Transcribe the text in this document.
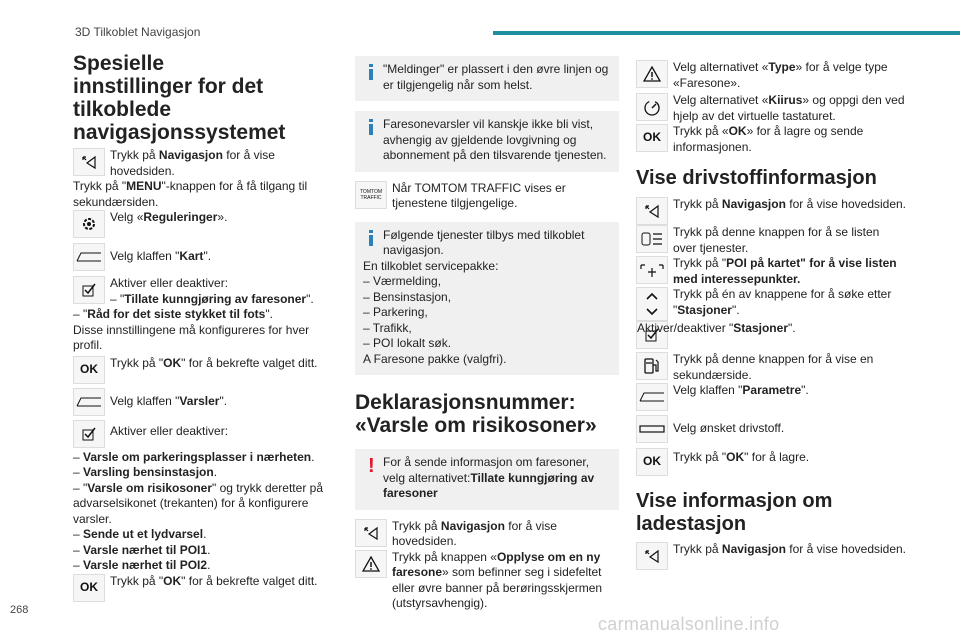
3D Tilkoblet Navigasjon
268
carmanualsonline.info
Spesielle innstillinger for det tilkoblede navigasjonssystemet
Trykk på Navigasjon for å vise hovedsiden.

Trykk på "MENU"-knappen for å få tilgang til sekundærsiden.

Velg «Reguleringer».
Velg klaffen "Kart".
Aktiver eller deaktiver:
– "Tillate kunngjøring av faresoner".

– "Råd for det siste stykket til fots".

Disse innstillingene må konfigureres for hver profil.

OK	Trykk på "OK" for å bekrefte valget ditt.
Velg klaffen "Varsler".
Aktiver eller deaktiver:

– Varsle om parkeringsplasser i nærheten.

– Varsling bensinstasjon.

– "Varsle om risikosoner" og trykk deretter på advarselsikonet (trekanten) for å konfigurere varsler.

– Sende ut et lydvarsel.

– Varsle nærhet til POI1.

– Varsle nærhet til POI2.

OK	Trykk på "OK" for å bekrefte valget ditt.
"Meldinger" er plassert i den øvre linjen og er tilgjengelig når som helst.
Faresonevarsler vil kanskje ikke bli vist, avhengig av gjeldende lovgivning og abonnement på den tilsvarende tjenesten.
TOMTOM TRAFFIC
Når TOMTOM TRAFFIC vises er tjenestene tilgjengelige.
Følgende tjenester tilbys med tilkoblet navigasjon.

En tilkoblet servicepakke:

– Værmelding,

– Bensinstasjon,

– Parkering,

– Trafikk,

– POI lokalt søk.

A Faresone pakke (valgfri).

Deklarasjonsnummer: «Varsle om risikosoner»
! For å sende informasjon om faresoner, velg alternativet:Tillate kunngjøring av faresoner
Trykk på Navigasjon for å vise hovedsiden.
Trykk på knappen «Opplyse om en ny faresone» som befinner seg i sidefeltet eller øvre banner på berøringsskjermen (utstyrsavhengig).
Velg alternativet «Type» for å velge type «Faresone».
Velg alternativet «Kiirus» og oppgi den ved hjelp av det virtuelle tastaturet.
OK	Trykk på «OK» for å lagre og sende informasjonen.
Vise drivstoffinformasjon
Trykk på Navigasjon for å vise hovedsiden.
Trykk på denne knappen for å se listen over tjenester.
Trykk på "POI på kartet" for å vise listen med interessepunkter.
Trykk på én av knappene for å søke etter "Stasjoner".
Aktiver/deaktiver "Stasjoner".
Trykk på denne knappen for å vise en sekundærside.
Velg klaffen "Parametre".
Velg ønsket drivstoff.
OK	Trykk på "OK" for å lagre.
Vise informasjon om ladestasjon
Trykk på Navigasjon for å vise hovedsiden.
